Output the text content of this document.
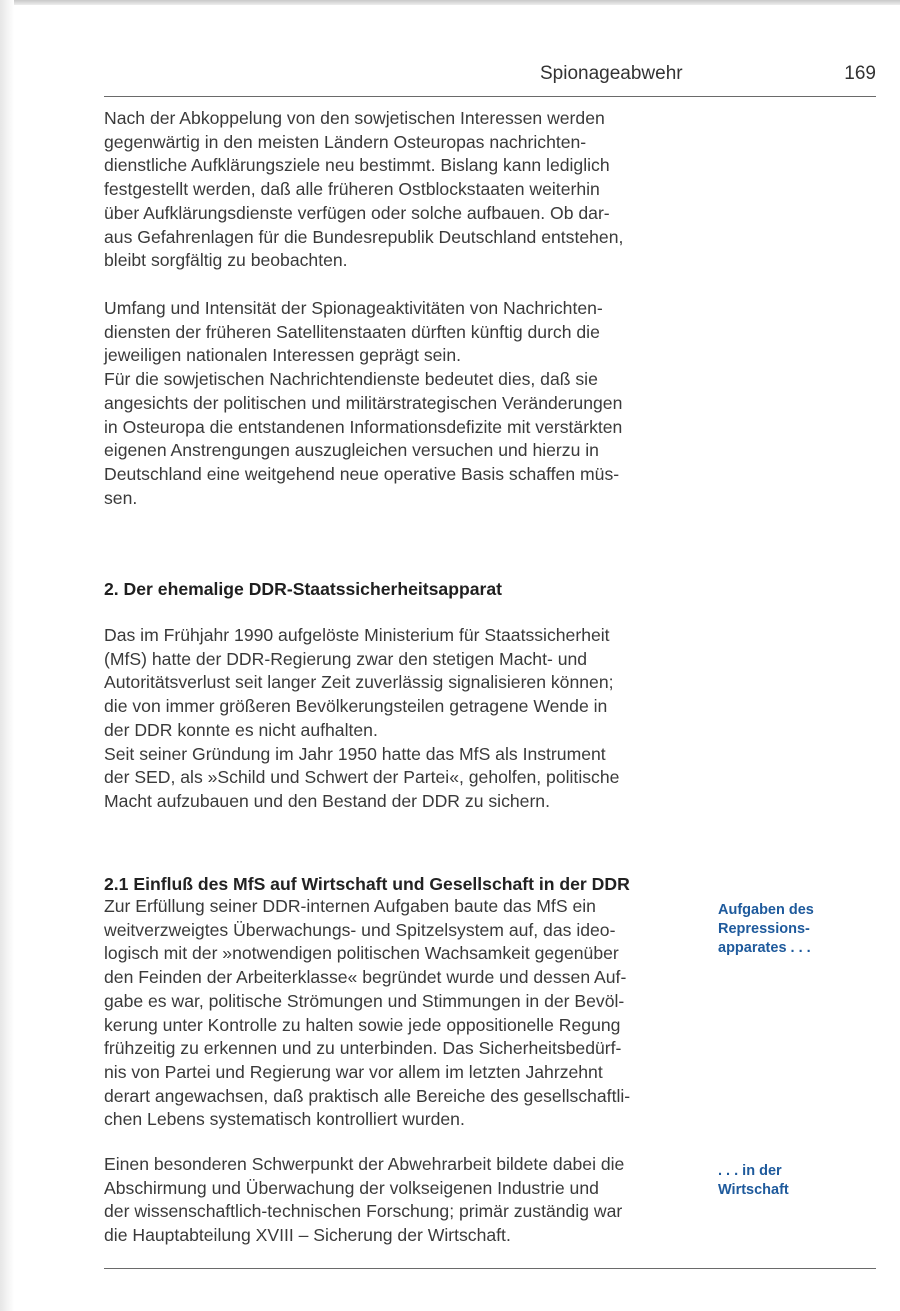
Spionageabwehr	169
Nach der Abkoppelung von den sowjetischen Interessen werden
gegenwärtig in den meisten Ländern Osteuropas nachrichten-
dienstliche Aufklärungsziele neu bestimmt. Bislang kann lediglich
festgestellt werden, daß alle früheren Ostblockstaaten weiterhin
über Aufklärungsdienste verfügen oder solche aufbauen. Ob dar-
aus Gefahrenlagen für die Bundesrepublik Deutschland entstehen,
bleibt sorgfältig zu beobachten.
Umfang und Intensität der Spionageaktivitäten von Nachrichten-
diensten der früheren Satellitenstaaten dürften künftig durch die
jeweiligen nationalen Interessen geprägt sein.
Für die sowjetischen Nachrichtendienste bedeutet dies, daß sie
angesichts der politischen und militärstrategischen Veränderungen
in Osteuropa die entstandenen Informationsdefizite mit verstärkten
eigenen Anstrengungen auszugleichen versuchen und hierzu in
Deutschland eine weitgehend neue operative Basis schaffen müs-
sen.
2. Der ehemalige DDR-Staatssicherheitsapparat
Das im Frühjahr 1990 aufgelöste Ministerium für Staatssicherheit
(MfS) hatte der DDR-Regierung zwar den stetigen Macht- und
Autoritätsverlust seit langer Zeit zuverlässig signalisieren können;
die von immer größeren Bevölkerungsteilen getragene Wende in
der DDR konnte es nicht aufhalten.
Seit seiner Gründung im Jahr 1950 hatte das MfS als Instrument
der SED, als »Schild und Schwert der Partei«, geholfen, politische
Macht aufzubauen und den Bestand der DDR zu sichern.
2.1 Einfluß des MfS auf Wirtschaft und Gesellschaft in der DDR
Zur Erfüllung seiner DDR-internen Aufgaben baute das MfS ein
weitverzweigtes Überwachungs- und Spitzelsystem auf, das ideo-
logisch mit der »notwendigen politischen Wachsamkeit gegenüber
den Feinden der Arbeiterklasse« begründet wurde und dessen Auf-
gabe es war, politische Strömungen und Stimmungen in der Bevöl-
kerung unter Kontrolle zu halten sowie jede oppositionelle Regung
frühzeitig zu erkennen und zu unterbinden. Das Sicherheitsbedürf-
nis von Partei und Regierung war vor allem im letzten Jahrzehnt
derart angewachsen, daß praktisch alle Bereiche des gesellschaftli-
chen Lebens systematisch kontrolliert wurden.
Aufgaben des
Repressions-
apparates . . .
Einen besonderen Schwerpunkt der Abwehrarbeit bildete dabei die
Abschirmung und Überwachung der volkseigenen Industrie und
der wissenschaftlich-technischen Forschung; primär zuständig war
die Hauptabteilung XVIII – Sicherung der Wirtschaft.
. . . in der
Wirtschaft
